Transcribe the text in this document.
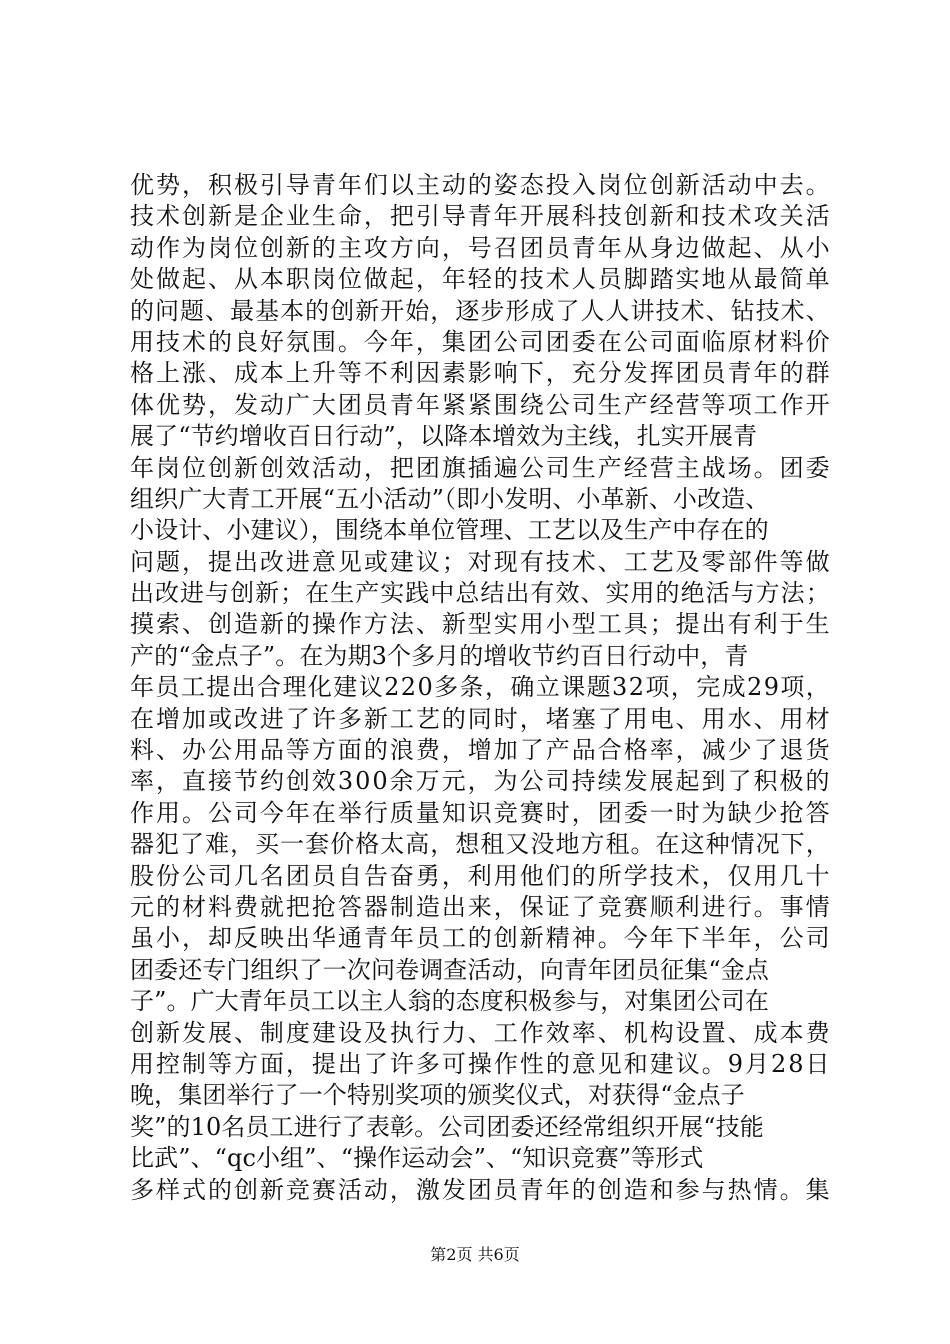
优势，积极引导青年们以主动的姿态投入岗位创新活动中去。
技术创新是企业生命，把引导青年开展科技创新和技术攻关活
动作为岗位创新的主攻方向，号召团员青年从身边做起、从小
处做起、从本职岗位做起，年轻的技术人员脚踏实地从最简单
的问题、最基本的创新开始，逐步形成了人人讲技术、钻技术、
用技术的良好氛围。今年，集团公司团委在公司面临原材料价
格上涨、成本上升等不利因素影响下，充分发挥团员青年的群
体优势，发动广大团员青年紧紧围绕公司生产经营等项工作开
展了“节约增收百日行动”，以降本增效为主线，扎实开展青
年岗位创新创效活动，把团旗插遍公司生产经营主战场。团委
组织广大青工开展“五小活动”（即小发明、小革新、小改造、
小设计、小建议），围绕本单位管理、工艺以及生产中存在的
问题，提出改进意见或建议；对现有技术、工艺及零部件等做
出改进与创新；在生产实践中总结出有效、实用的绝活与方法；
摸索、创造新的操作方法、新型实用小型工具；提出有利于生
产的“金点子”。在为期3个多月的增收节约百日行动中，青
年员工提出合理化建议220多条，确立课题32项，完成29项，
在增加或改进了许多新工艺的同时，堵塞了用电、用水、用材
料、办公用品等方面的浪费，增加了产品合格率，减少了退货
率，直接节约创效300余万元，为公司持续发展起到了积极的
作用。公司今年在举行质量知识竞赛时，团委一时为缺少抢答
器犯了难，买一套价格太高，想租又没地方租。在这种情况下，
股份公司几名团员自告奋勇，利用他们的所学技术，仅用几十
元的材料费就把抢答器制造出来，保证了竞赛顺利进行。事情
虽小，却反映出华通青年员工的创新精神。今年下半年，公司
团委还专门组织了一次问卷调查活动，向青年团员征集“金点
子”。广大青年员工以主人翁的态度积极参与，对集团公司在
创新发展、制度建设及执行力、工作效率、机构设置、成本费
用控制等方面，提出了许多可操作性的意见和建议。9月28日
晚，集团举行了一个特别奖项的颁奖仪式，对获得“金点子
奖”的10名员工进行了表彰。公司团委还经常组织开展“技能
比武”、“qc小组”、“操作运动会”、“知识竞赛”等形式
多样式的创新竞赛活动，激发团员青年的创造和参与热情。集
第2页 共6页
